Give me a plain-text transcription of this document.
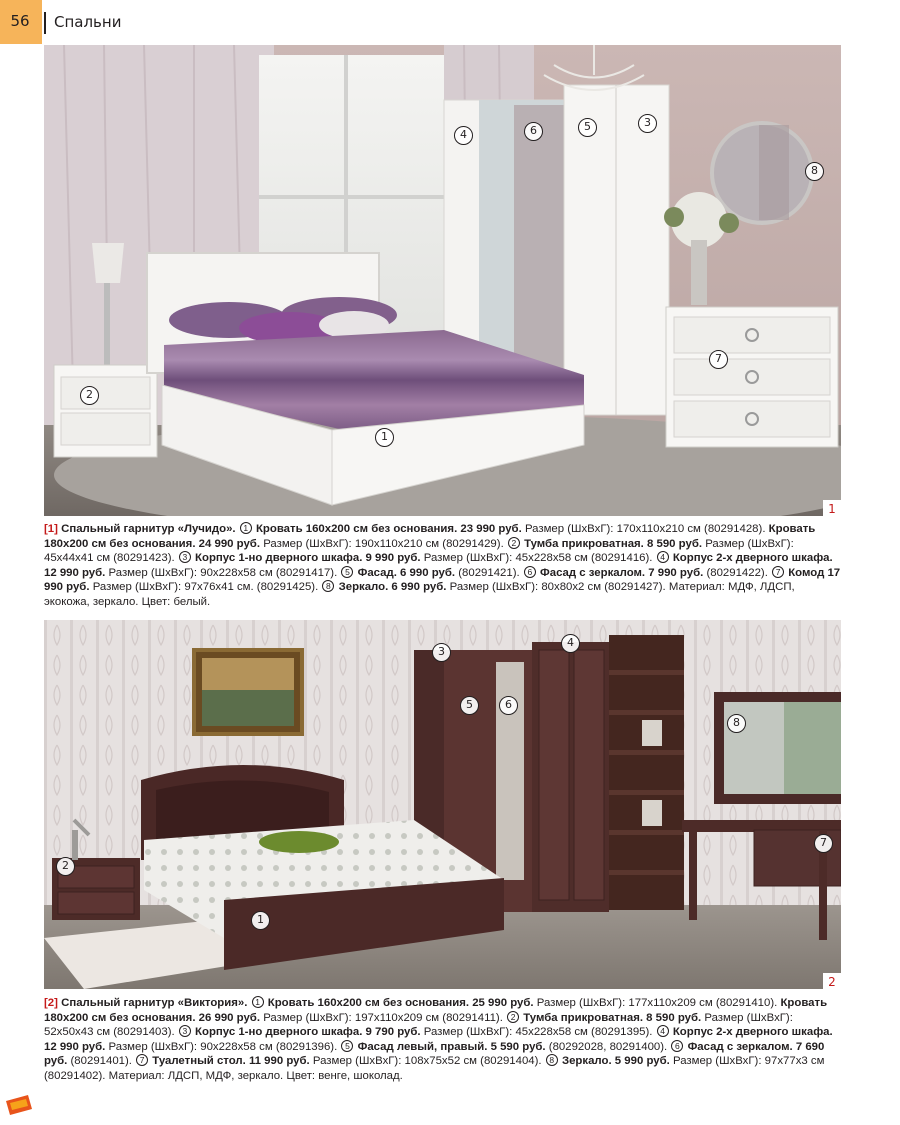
56	Спальни
4	6	5	3
8
7
2
1
1
[1] Спальный гарнитур «Лучидо». 1 Кровать 160х200 см без основания. 23 990 руб. Размер (ШхВхГ): 170х110х210 см (80291428). Кровать 180х200 см без основания. 24 990 руб. Размер (ШхВхГ): 190х110х210 см (80291429). 2 Тумба прикроватная. 8 590 руб. Размер (ШхВхГ): 45х44х41 см (80291423). 3 Корпус 1-но дверного шкафа. 9 990 руб. Размер (ШхВхГ): 45х228х58 см (80291416). 4 Корпус 2-х дверного шкафа. 12 990 руб. Размер (ШхВхГ): 90х228х58 см (80291417). 5 Фасад. 6 990 руб. (80291421). 6 Фасад с зеркалом. 7 990 руб. (80291422). 7 Комод 17 990 руб. Размер (ШхВхГ): 97х76х41 см. (80291425). 8 Зеркало. 6 990 руб. Размер (ШхВхГ): 80х80х2 см (80291427). Материал: МДФ, ЛДСП, экокожа, зеркало. Цвет: белый.
3
4
5	6
8
7
2
1
2
[2] Спальный гарнитур «Виктория». 1 Кровать 160х200 см без основания. 25 990 руб. Размер (ШхВхГ): 177х110х209 см (80291410). Кровать 180х200 см без основания. 26 990 руб. Размер (ШхВхГ): 197х110х209 см (80291411). 2 Тумба прикроватная. 8 590 руб. Размер (ШхВхГ): 52х50х43 см (80291403). 3 Корпус 1-но дверного шкафа. 9 790 руб. Размер (ШхВхГ): 45х228х58 см (80291395). 4 Корпус 2-х дверного шкафа. 12 990 руб. Размер (ШхВхГ): 90х228х58 см (80291396). 5 Фасад левый, правый. 5 590 руб. (80292028, 80291400). 6 Фасад с зеркалом. 7 690 руб. (80291401). 7 Туалетный стол. 11 990 руб. Размер (ШхВхГ): 108х75х52 см (80291404). 8 Зеркало. 5 990 руб. Размер (ШхВхГ): 97х77х3 см (80291402). Материал: ЛДСП, МДФ, зеркало. Цвет: венге, шоколад.
